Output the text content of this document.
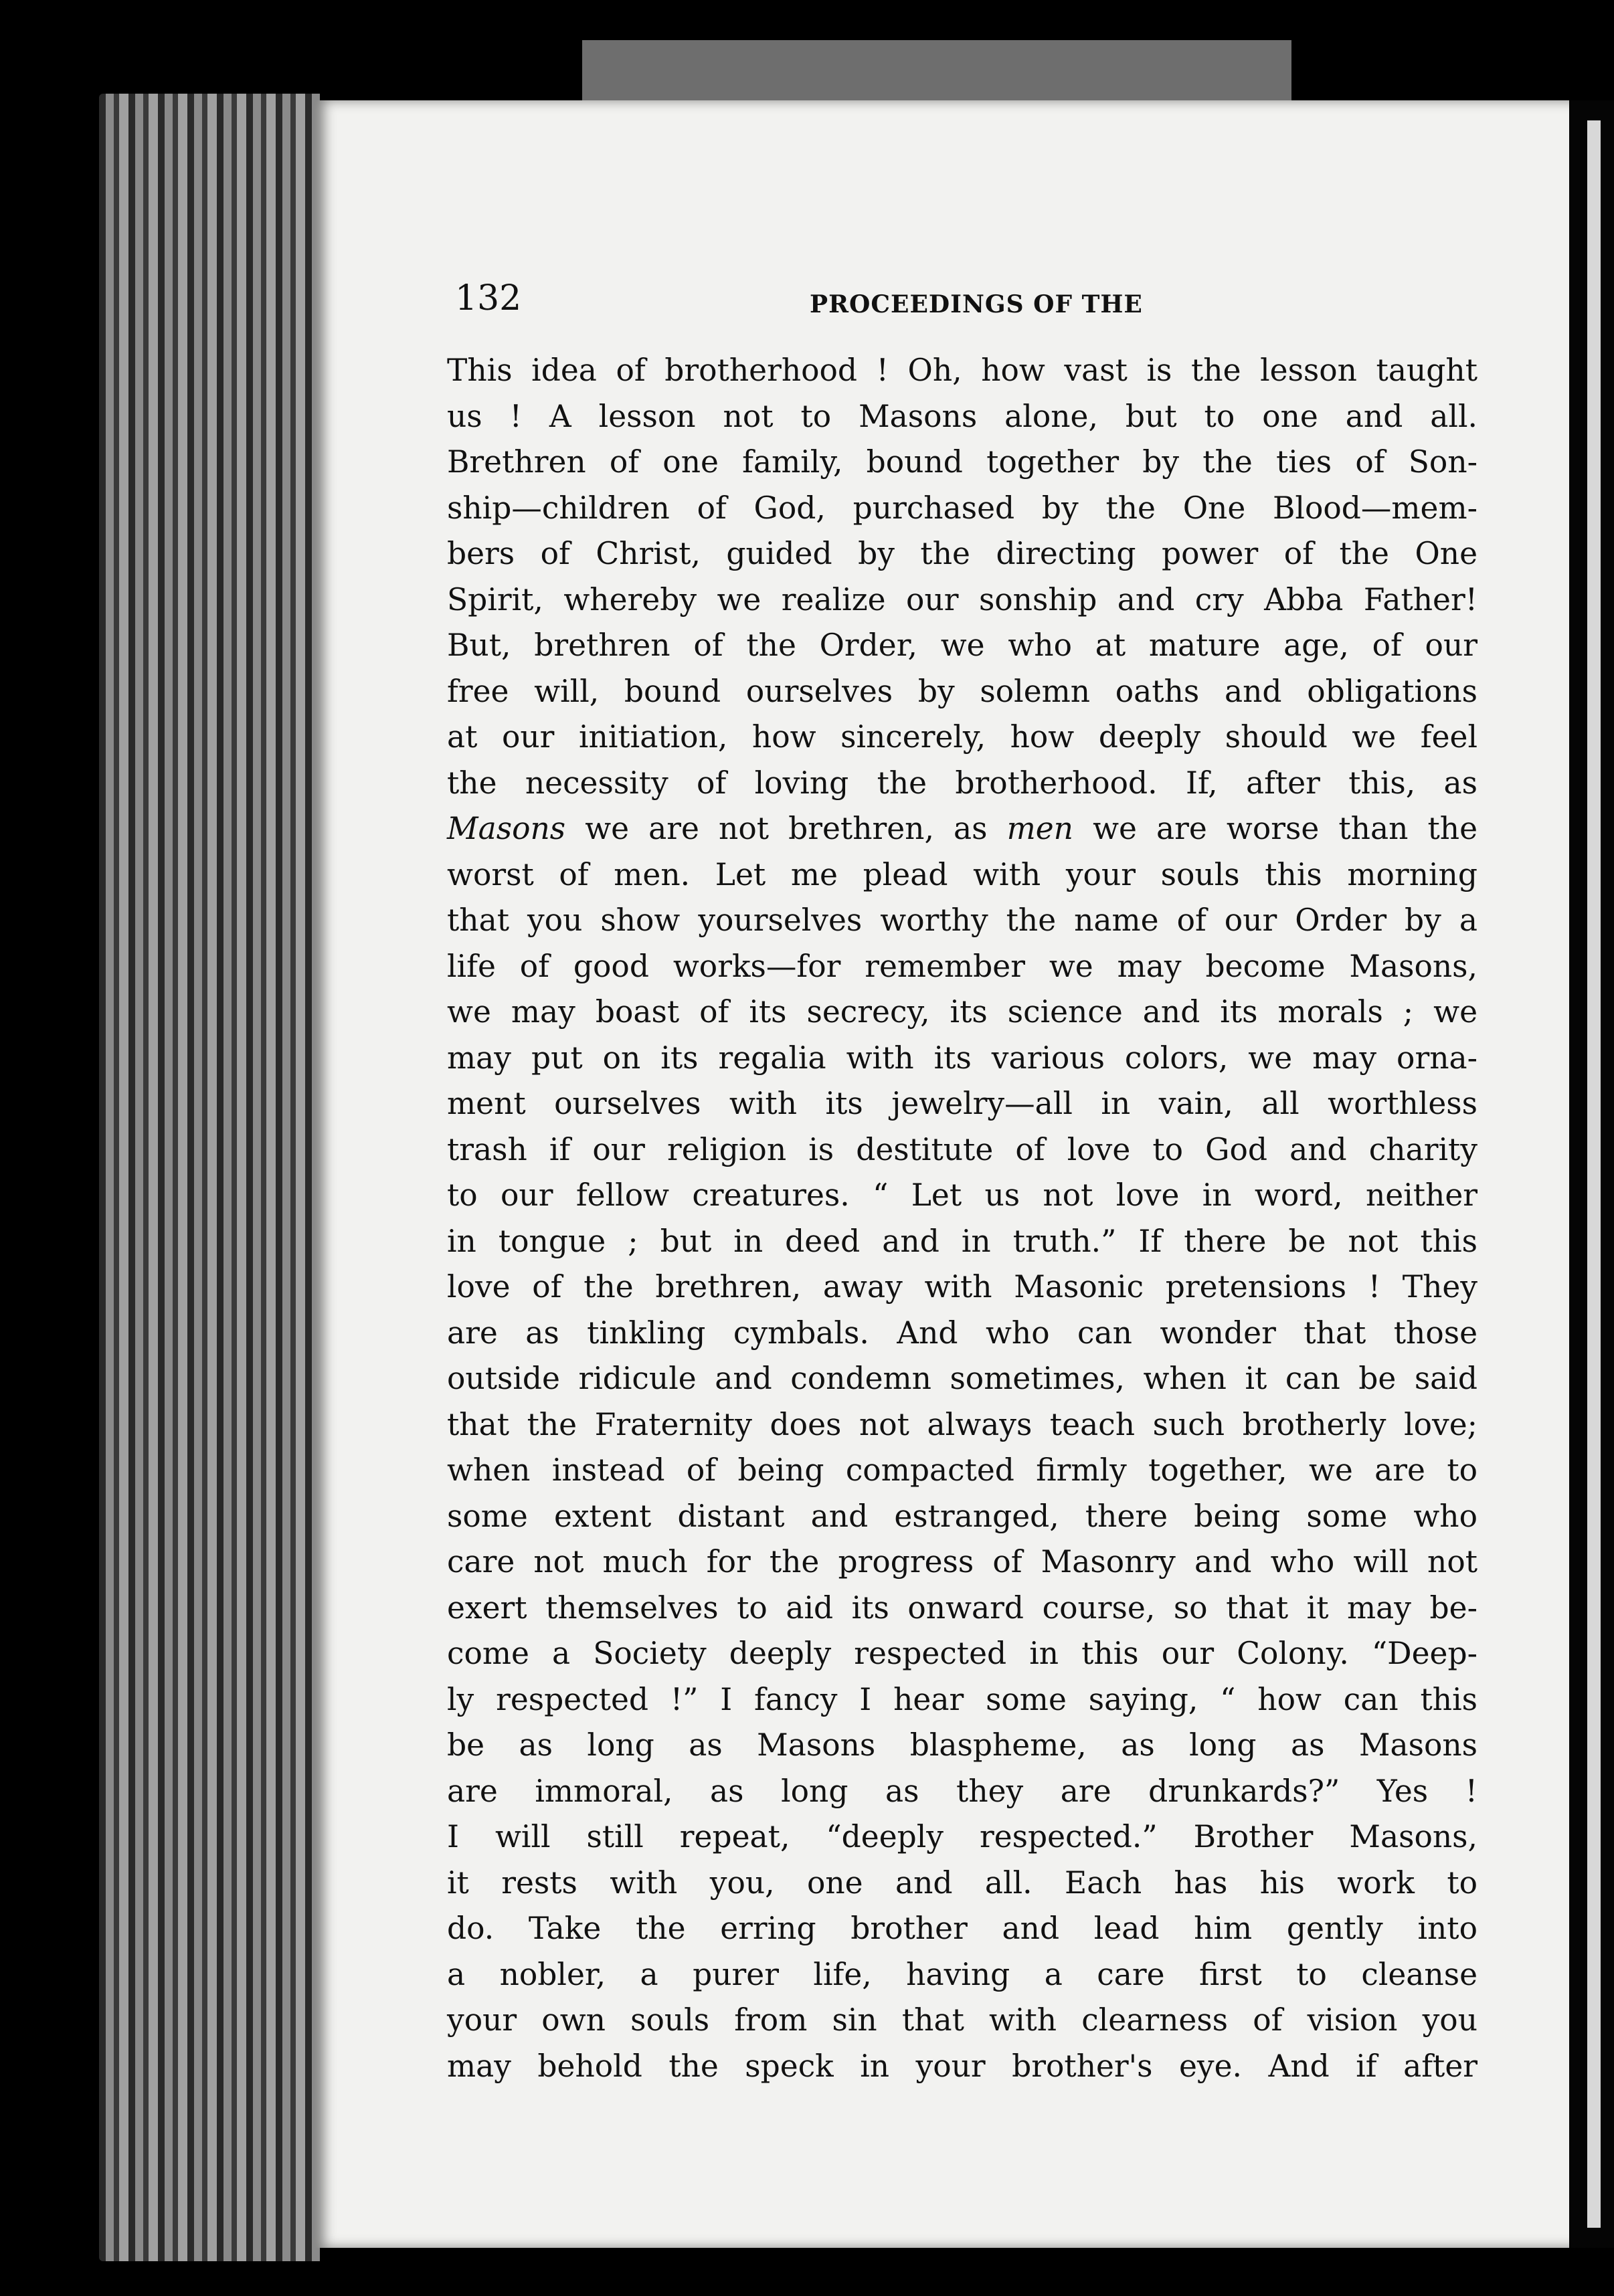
132	PROCEEDINGS OF THE
This idea of brotherhood ! Oh, how vast is the lesson taught
us ! A lesson not to Masons alone, but to one and all.
Brethren of one family, bound together by the ties of Son-
ship—children of God, purchased by the One Blood—mem-
bers of Christ, guided by the directing power of the One
Spirit, whereby we realize our sonship and cry Abba Father!
But, brethren of the Order, we who at mature age, of our
free will, bound ourselves by solemn oaths and obligations
at our initiation, how sincerely, how deeply should we feel
the necessity of loving the brotherhood. If, after this, as
Masons we are not brethren, as men we are worse than the
worst of men. Let me plead with your souls this morning
that you show yourselves worthy the name of our Order by a
life of good works—for remember we may become Masons,
we may boast of its secrecy, its science and its morals ; we
may put on its regalia with its various colors, we may orna-
ment ourselves with its jewelry—all in vain, all worthless
trash if our religion is destitute of love to God and charity
to our fellow creatures. “ Let us not love in word, neither
in tongue ; but in deed and in truth.” If there be not this
love of the brethren, away with Masonic pretensions ! They
are as tinkling cymbals. And who can wonder that those
outside ridicule and condemn sometimes, when it can be said
that the Fraternity does not always teach such brotherly love;
when instead of being compacted firmly together, we are to
some extent distant and estranged, there being some who
care not much for the progress of Masonry and who will not
exert themselves to aid its onward course, so that it may be-
come a Society deeply respected in this our Colony. “Deep-
ly respected !” I fancy I hear some saying, “ how can this
be as long as Masons blaspheme, as long as Masons
are immoral, as long as they are drunkards?” Yes !
I will still repeat, “deeply respected.” Brother Masons,
it rests with you, one and all. Each has his work to
do. Take the erring brother and lead him gently into
a nobler, a purer life, having a care first to cleanse
your own souls from sin that with clearness of vision you
may behold the speck in your brother's eye. And if after
